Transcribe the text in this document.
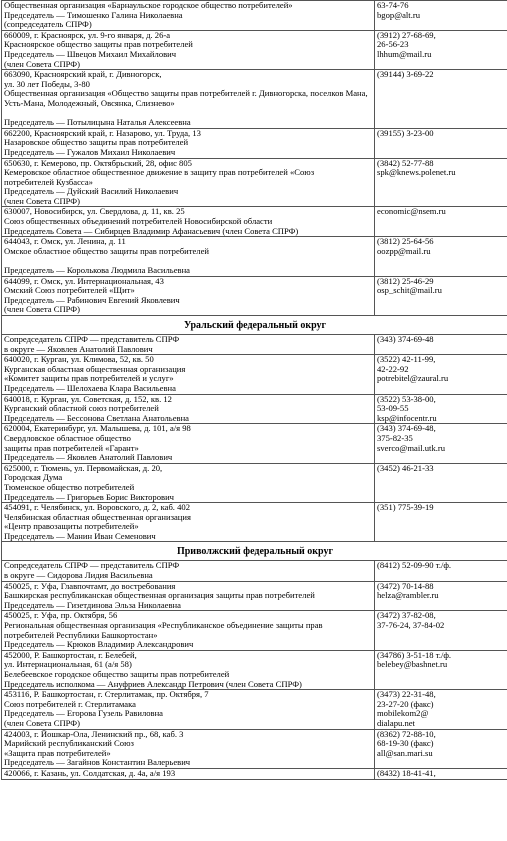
Общественная организация «Барнаульское городское общество потребителей»
Председатель — Тимошенко Галина Николаевна
(сопредседатель СПРФ)	63-74-76
bgop@alt.ru

660009, г. Красноярск, ул. 9-го января, д. 26-а
Красноярское общество защиты прав потребителей
Председатель — Швецов Михаил Михайлович
(член Совета СПРФ)	(3912) 27-68-69,
26-56-23
lhhum@mail.ru

663090, Красноярский край, г. Дивногорск,
ул. 30 лет Победы, 3-80
Общественная организация «Общество защиты прав потребителей г. Дивногорска, поселков Мана,
Усть-Мана, Молодежный, Овсянка, Слизнево»
Председатель — Потылицына Наталья Алексеевна	(39144) 3-69-22

662200, Красноярский край, г. Назарово, ул. Труда, 13
Назаровское общество защиты прав потребителей
Председатель — Гужалов Михаил Николаевич	(39155) 3-23-00

650630, г. Кемерово, пр. Октябрьский, 28, офис 805
Кемеровское областное общественное движение в защиту прав потребителей «Союз
потребителей Кузбасса»
Председатель — Дуйский Василий Николаевич
(член Совета СПРФ)	(3842) 52-77-88
spk@knews.polenet.ru

630007, Новосибирск, ул. Свердлова, д. 11, кв. 25
Союз общественных объединений потребителей Новосибирской области
Председатель Совета — Сибирцев Владимир Афанасьевич (член Совета СПРФ)	economic@nsem.ru

644043, г. Омск, ул. Ленина, д. 11
Омское областное общество защиты прав потребителей
Председатель — Королькова Людмила Васильевна	(3812) 25-64-56
oozpp@mail.ru

644099, г. Омск, ул. Интернациональная, 43
Омский Союз потребителей «Щит»
Председатель — Рабинович Евгений Яковлевич
(член Совета СПРФ)	(3812) 25-46-29
osp_schit@mail.ru

Уральский федеральный округ	

Сопредседатель СПРФ — представитель СПРФ
в округе — Яковлев Анатолий Павлович	(343) 374-69-48

640020, г. Курган, ул. Климова, 52, кв. 50
Курганская областная общественная организация
«Комитет защиты прав потребителей и услуг»
Председатель — Шелохаева Клара Васильевна	(3522) 42-11-99,
42-22-92
potrebitel@zaural.ru

640018, г. Курган, ул. Советская, д. 152, кв. 12
Курганский областной союз потребителей
Председатель — Бессонова Светлана Анатольевна	(3522) 53-38-00,
53-09-55
ksp@infocentr.ru

620004, Екатеринбург, ул. Малышева, д. 101, а/я 98
Свердловское областное общество
защиты прав потребителей «Гарант»
Председатель — Яковлев Анатолий Павлович	(343) 374-69-48,
375-82-35
sverco@mail.utk.ru

625000, г. Тюмень, ул. Первомайская, д. 20,
Городская Дума
Тюменское общество потребителей
Председатель — Григорьев Борис Викторович	(3452) 46-21-33

454091, г. Челябинск, ул. Воровского, д. 2, каб. 402
Челябинская областная общественная организация
«Центр правозащиты потребителей»
Председатель — Манин Иван Семенович	(351) 775-39-19

Приволжский федеральный округ	

Сопредседатель СПРФ — представитель СПРФ
в округе — Сидорова Лидия Васильевна	(8412) 52-09-90 т./ф.

450025, г. Уфа, Главпочтамт, до востребования
Башкирская республиканская общественная организация защиты прав потребителей
Председатель — Гизетдинова Эльза Николаевна	(3472) 70-14-88
helza@rambler.ru

450025, г. Уфа, пр. Октября, 56
Региональная общественная организация «Республиканское объединение защиты прав
потребителей Республики Башкортостан»
Председатель — Крюков Владимир Александрович	(3472) 37-82-08,
37-76-24, 37-84-02

452000, Р. Башкортостан, г. Белебей,
ул. Интернациональная, 61 (а/я 58)
Белебеевское городское общество защиты прав потребителей
Председатель исполкома — Ануфриев Александр Петрович (член Совета СПРФ)	(34786) 3-51-18 т./ф.
belebey@bashnet.ru

453116, Р. Башкортостан, г. Стерлитамак, пр. Октября, 7
Союз потребителей г. Стерлитамака
Председатель — Егорова Гузель Равиловна
(член Совета СПРФ)	(3473) 22-31-48,
23-27-20 (факс)
mobilekom2@
dialapu.net

424003, г. Йошкар-Ола, Ленинский пр., 68, каб. 3
Марийский республиканский Союз
«Защита прав потребителей»
Председатель — Загайнов Константин Валерьевич	(8362) 72-88-10,
68-19-30 (факс)
all@san.mari.su

420066, г. Казань, ул. Солдатская, д. 4а, а/я 193	(8432) 18-41-41,
